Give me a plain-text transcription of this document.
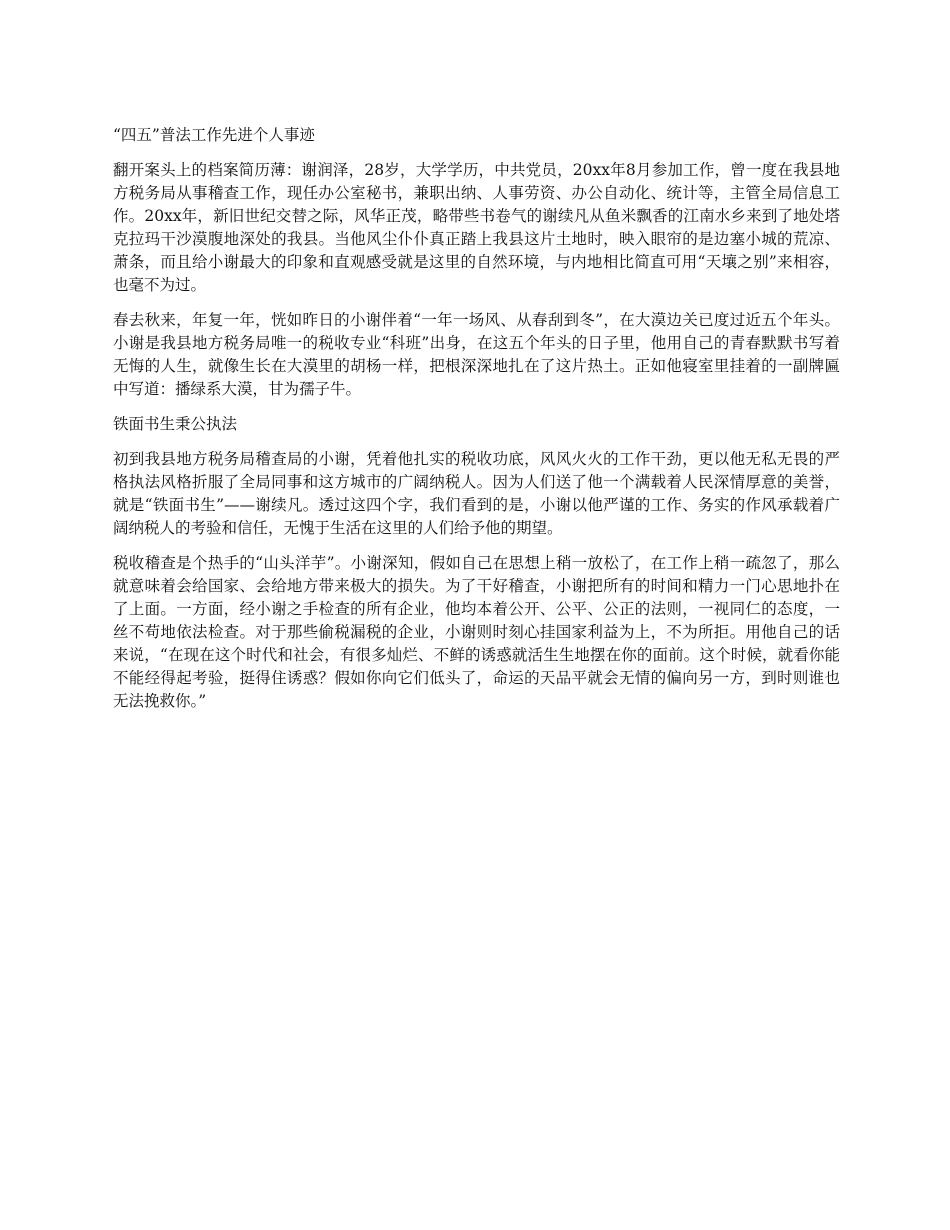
“四五”普法工作先进个人事迹

翻开案头上的档案简历薄：谢润泽，28岁，大学学历，中共党员，20xx年8月参加工作，曾一度在我县地方税务局从事稽查工作，现任办公室秘书，兼职出纳、人事劳资、办公自动化、统计等，主管全局信息工作。20xx年，新旧世纪交替之际，风华正茂，略带些书卷气的谢续凡从鱼米飘香的江南水乡来到了地处塔克拉玛干沙漠腹地深处的我县。当他风尘仆仆真正踏上我县这片土地时，映入眼帘的是边塞小城的荒凉、萧条，而且给小谢最大的印象和直观感受就是这里的自然环境，与内地相比简直可用“天壤之别”来相容，也毫不为过。

春去秋来，年复一年，恍如昨日的小谢伴着“一年一场风、从春刮到冬”，在大漠边关已度过近五个年头。小谢是我县地方税务局唯一的税收专业“科班”出身，在这五个年头的日子里，他用自己的青春默默书写着无悔的人生，就像生长在大漠里的胡杨一样，把根深深地扎在了这片热土。正如他寝室里挂着的一副牌匾中写道：播绿系大漠，甘为孺子牛。

铁面书生秉公执法

初到我县地方税务局稽查局的小谢，凭着他扎实的税收功底，风风火火的工作干劲，更以他无私无畏的严格执法风格折服了全局同事和这方城市的广阔纳税人。因为人们送了他一个满载着人民深情厚意的美誉，就是“铁面书生”——谢续凡。透过这四个字，我们看到的是，小谢以他严谨的工作、务实的作风承载着广阔纳税人的考验和信任，无愧于生活在这里的人们给予他的期望。

税收稽查是个热手的“山头洋芋”。小谢深知，假如自己在思想上稍一放松了，在工作上稍一疏忽了，那么就意味着会给国家、会给地方带来极大的损失。为了干好稽查，小谢把所有的时间和精力一门心思地扑在了上面。一方面，经小谢之手检查的所有企业，他均本着公开、公平、公正的法则，一视同仁的态度，一丝不苟地依法检查。对于那些偷税漏税的企业，小谢则时刻心挂国家利益为上，不为所拒。用他自己的话来说，“在现在这个时代和社会，有很多灿烂、不鲜的诱惑就活生生地摆在你的面前。这个时候，就看你能不能经得起考验，挺得住诱惑？假如你向它们低头了，命运的天品平就会无情的偏向另一方，到时则谁也无法挽救你。”
